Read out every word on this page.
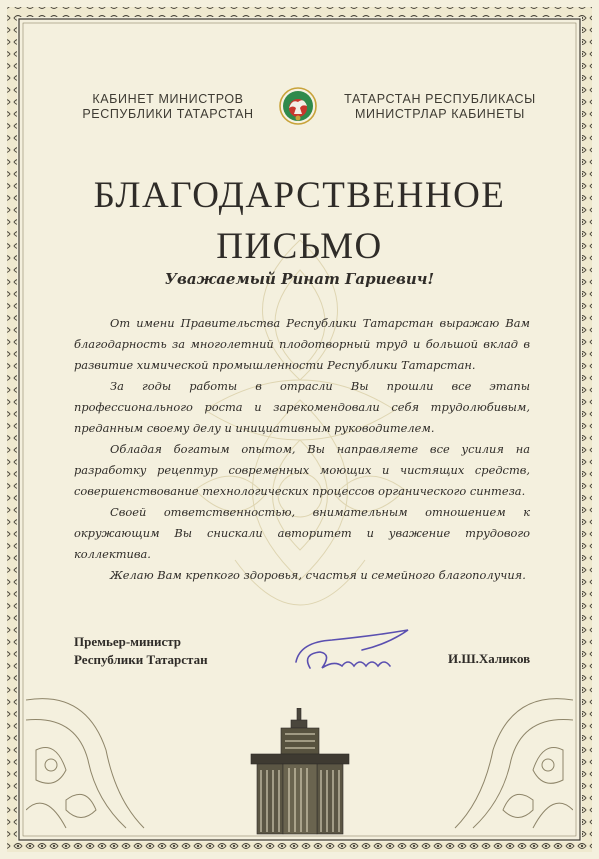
КАБИНЕТ МИНИСТРОВ
РЕСПУБЛИКИ ТАТАРСТАН
ТАТАРСТАН РЕСПУБЛИКАСЫ
МИНИСТРЛАР КАБИНЕТЫ
БЛАГОДАРСТВЕННОЕ
ПИСЬМО
Уважаемый Ринат Гариевич!

От имени Правительства Республики Татарстан выражаю Вам благодарность за многолетний плодотворный труд и большой вклад в развитие химической промышленности Республики Татарстан.

За годы работы в отрасли Вы прошли все этапы профессионального роста и зарекомендовали себя трудолюбивым, преданным своему делу и инициативным руководителем.

Обладая богатым опытом, Вы направляете все усилия на разработку рецептур современных моющих и чистящих средств, совершенствование технологических процессов органического синтеза.

Своей ответственностью, внимательным отношением к окружающим Вы снискали авторитет и уважение трудового коллектива.

Желаю Вам крепкого здоровья, счастья и семейного благополучия.

Премьер-министр
Республики Татарстан	И.Ш.Халиков
